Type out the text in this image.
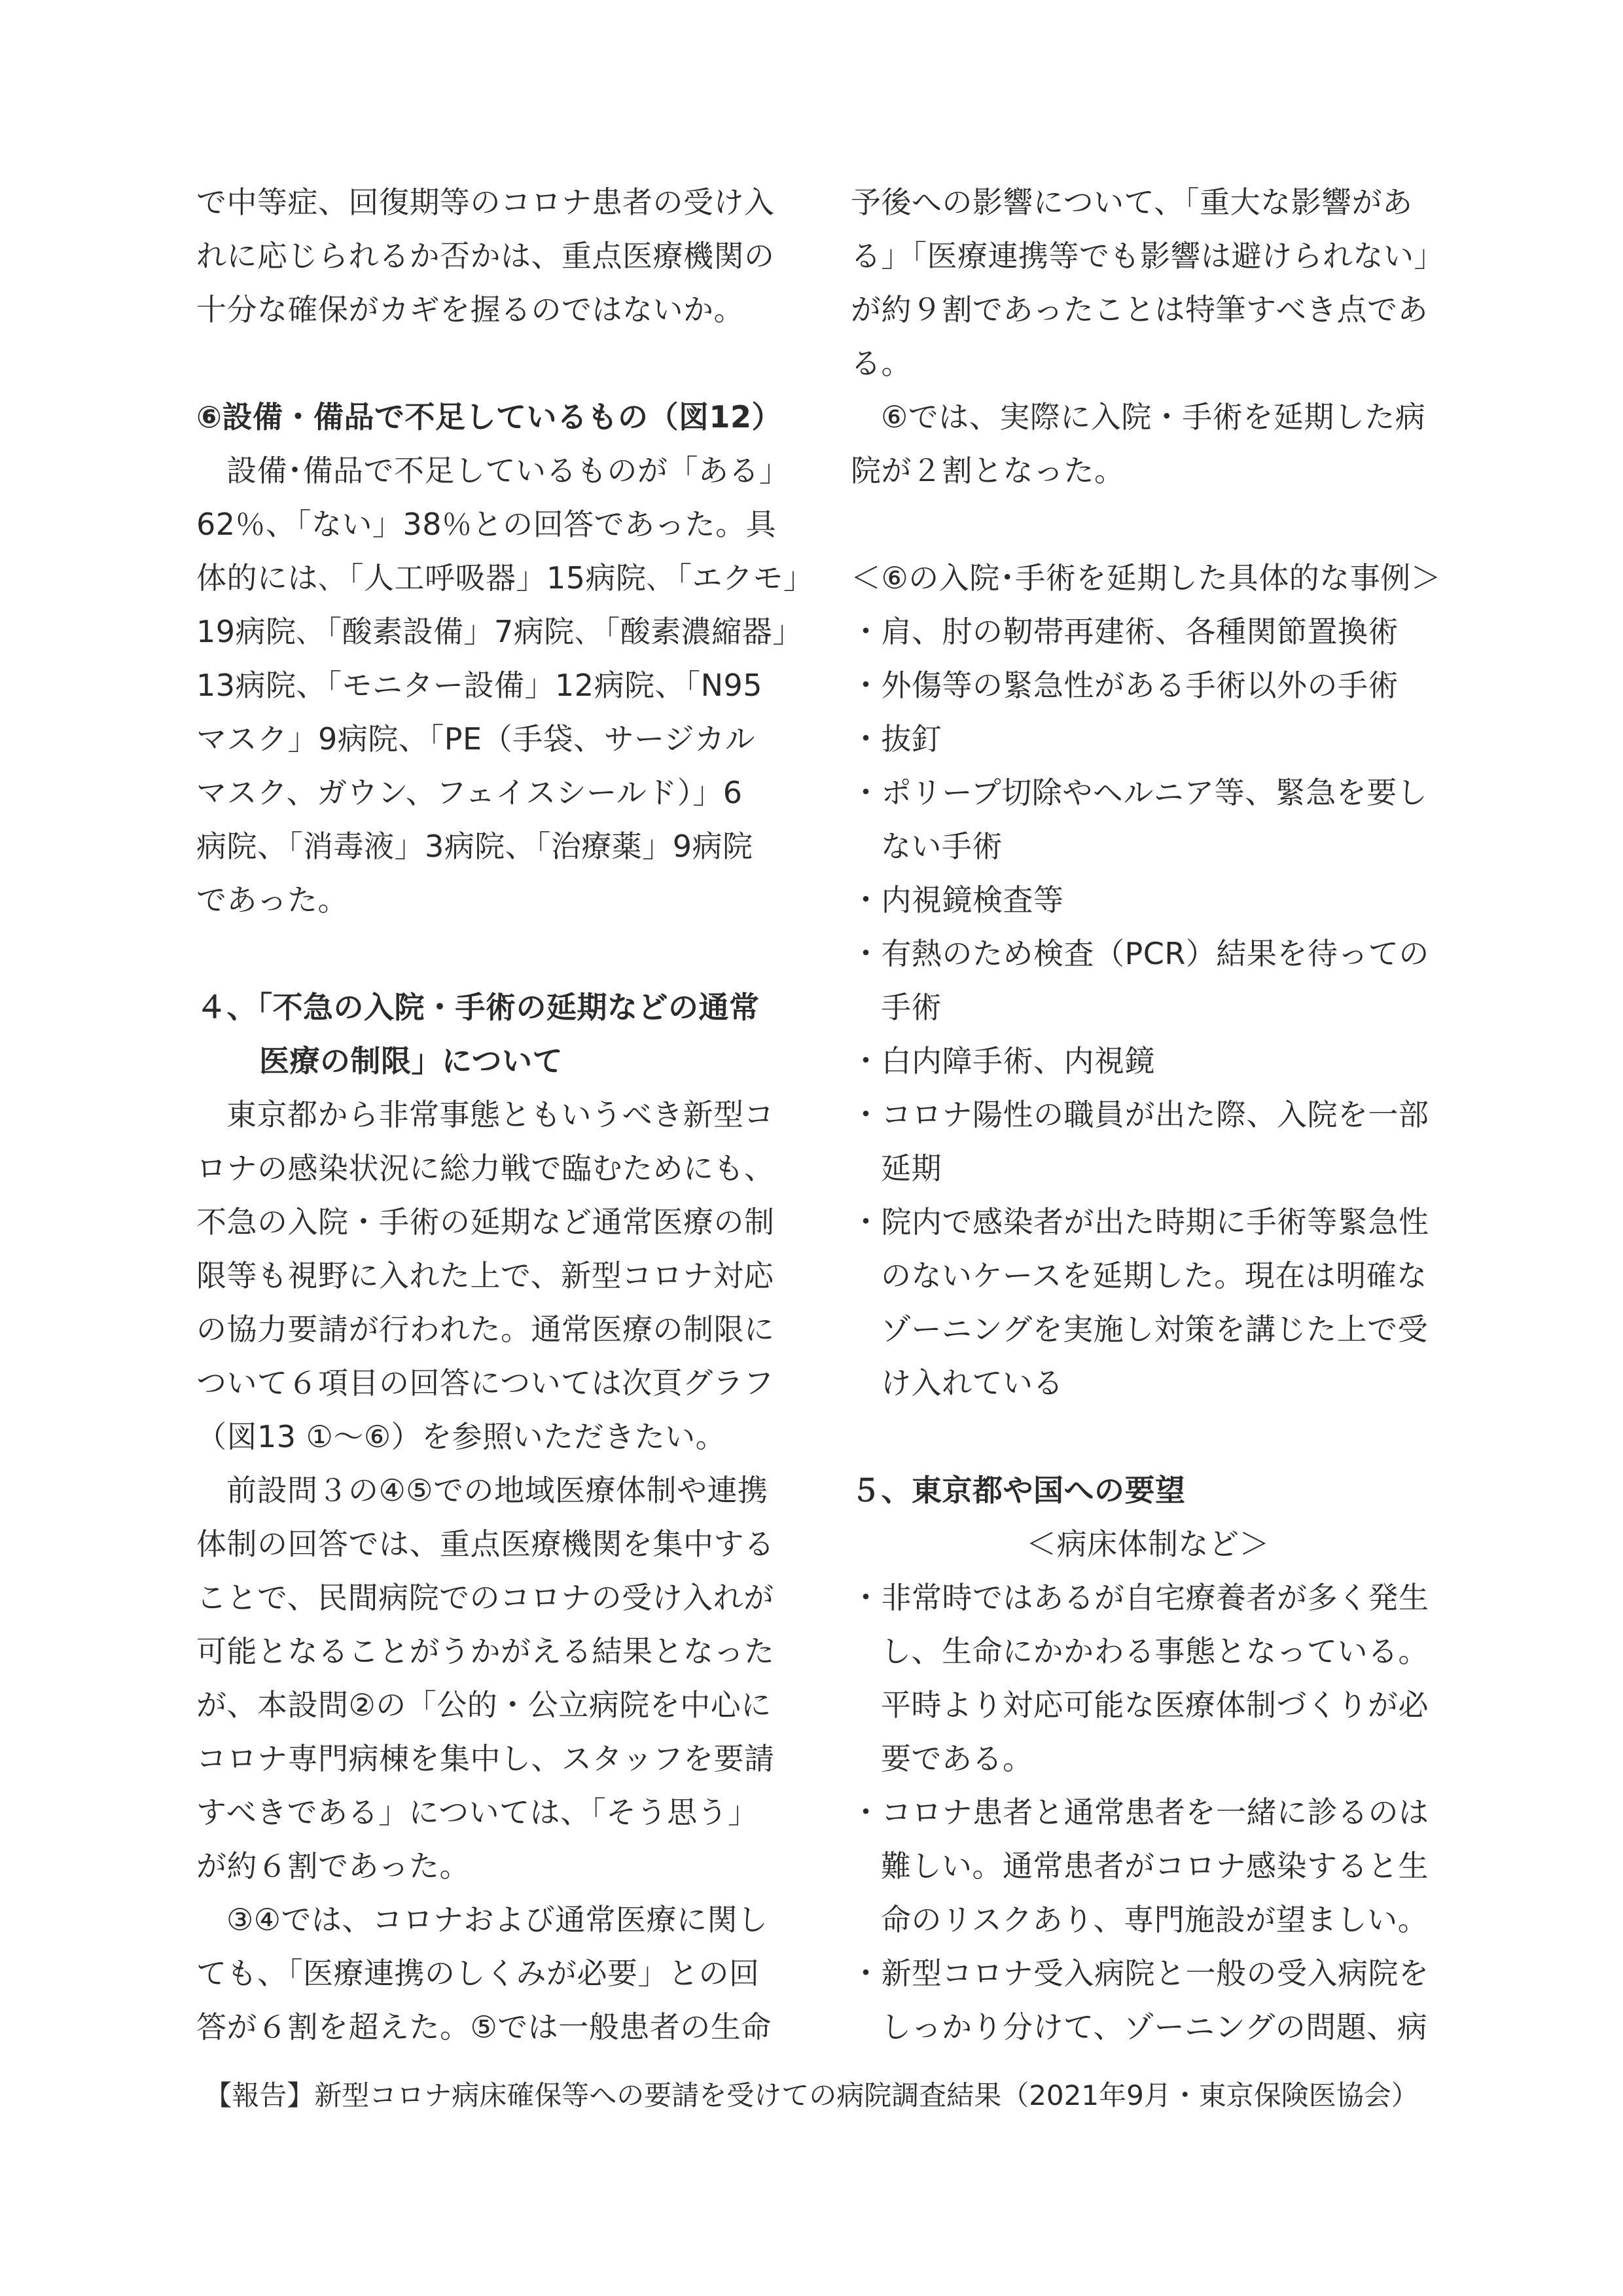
で中等症、回復期等のコロナ患者の受け入
れに応じられるか否かは、重点医療機関の
十分な確保がカギを握るのではないか。
⑥設備・備品で不足しているもの（図12）
設備･備品で不足しているものが「ある」
62％、「ない」38％との回答であった。具
体的には､「人工呼吸器」15病院､「エクモ」
19病院､「酸素設備」7病院､「酸素濃縮器」
13病院、「モニター設備」12病院、「N95
マスク」9病院、「PE（手袋、サージカル
マスク、ガウン、フェイスシールド）」6
病院、「消毒液」3病院、「治療薬」9病院
であった。
４、「不急の入院・手術の延期などの通常
医療の制限」について
東京都から非常事態ともいうべき新型コ
ロナの感染状況に総力戦で臨むためにも、
不急の入院・手術の延期など通常医療の制
限等も視野に入れた上で、新型コロナ対応
の協力要請が行われた。通常医療の制限に
ついて６項目の回答については次頁グラフ
（図13 ①〜⑥）を参照いただきたい。
前設問３の④⑤での地域医療体制や連携
体制の回答では、重点医療機関を集中する
ことで、民間病院でのコロナの受け入れが
可能となることがうかがえる結果となった
が、本設問②の「公的・公立病院を中心に
コロナ専門病棟を集中し、スタッフを要請
すべきである」については、「そう思う」
が約６割であった。
③④では、コロナおよび通常医療に関し
ても、「医療連携のしくみが必要」との回
答が６割を超えた。⑤では一般患者の生命
予後への影響について、「重大な影響があ
る」「医療連携等でも影響は避けられない」
が約９割であったことは特筆すべき点であ
る。
⑥では、実際に入院・手術を延期した病
院が２割となった。
＜⑥の入院･手術を延期した具体的な事例＞
・肩、肘の靭帯再建術、各種関節置換術
・外傷等の緊急性がある手術以外の手術
・抜釘
・ポリープ切除やヘルニア等、緊急を要し
ない手術
・内視鏡検査等
・有熱のため検査（PCR）結果を待っての
手術
・白内障手術、内視鏡
・コロナ陽性の職員が出た際、入院を一部
延期
・院内で感染者が出た時期に手術等緊急性
のないケースを延期した。現在は明確な
ゾーニングを実施し対策を講じた上で受
け入れている
５、東京都や国への要望
＜病床体制など＞
・非常時ではあるが自宅療養者が多く発生
し、生命にかかわる事態となっている。
平時より対応可能な医療体制づくりが必
要である。
・コロナ患者と通常患者を一緒に診るのは
難しい。通常患者がコロナ感染すると生
命のリスクあり、専門施設が望ましい。
・新型コロナ受入病院と一般の受入病院を
しっかり分けて、ゾーニングの問題、病
【報告】新型コロナ病床確保等への要請を受けての病院調査結果（2021年9月・東京保険医協会）
